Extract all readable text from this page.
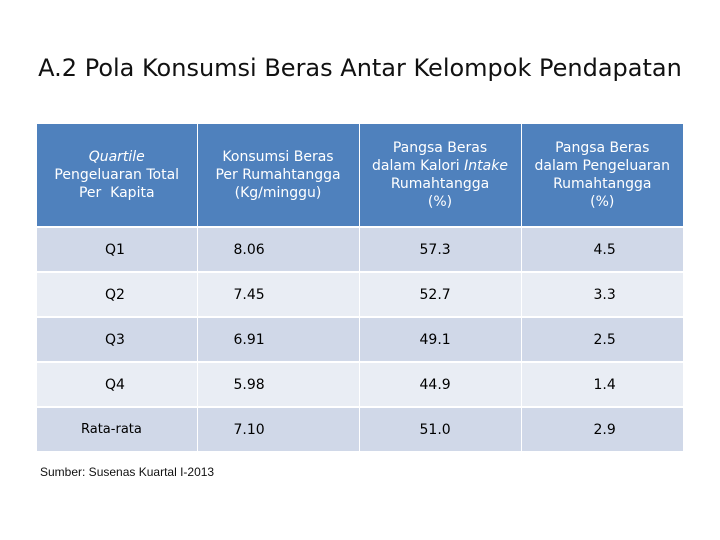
A.2 Pola Konsumsi Beras Antar Kelompok Pendapatan
Quartile
Pengeluaran Total
Per  Kapita	Konsumsi Beras
Per Rumahtangga
(Kg/minggu)	Pangsa Beras
dalam Kalori Intake
Rumahtangga
(%)	Pangsa Beras
dalam Pengeluaran
Rumahtangga
(%)
Q1	8.06	57.3	4.5
Q2	7.45	52.7	3.3
Q3	6.91	49.1	2.5
Q4	5.98	44.9	1.4
Rata-rata	7.10	51.0	2.9
Sumber: Susenas Kuartal I-2013
